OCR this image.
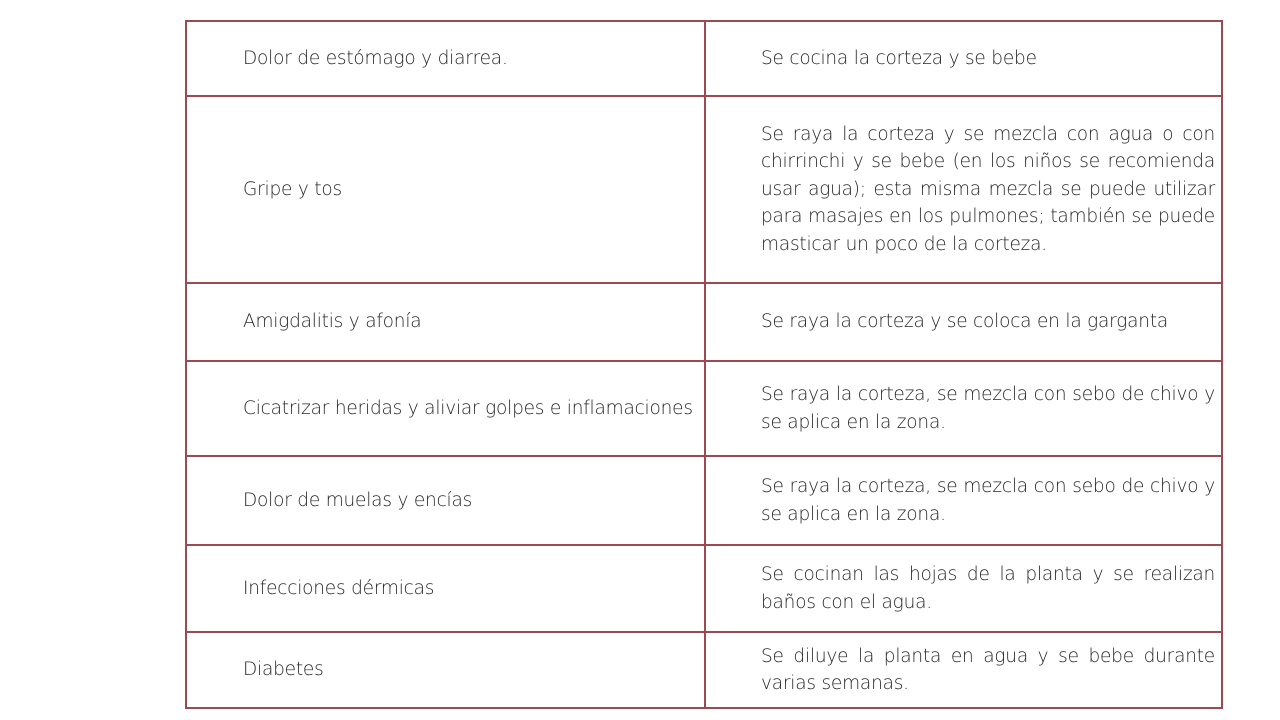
Dolor de estómago y diarrea.	Se cocina la corteza y se bebe

Gripe y tos	Se raya la corteza y se mezcla con agua o con chirrinchi y se bebe (en los niños se recomienda usar agua); esta misma mezcla se puede utilizar para masajes en los pulmones; también se puede masticar un poco de la corteza.

Amigdalitis y afonía	Se raya la corteza y se coloca en la garganta

Cicatrizar heridas y aliviar golpes e inflamaciones	Se raya la corteza, se mezcla con sebo de chivo y se aplica en la zona.

Dolor de muelas y encías	Se raya la corteza, se mezcla con sebo de chivo y se aplica en la zona.

Infecciones dérmicas	Se cocinan las hojas de la planta y se realizan baños con el agua.

Diabetes	Se diluye la planta en agua y se bebe durante varias semanas.
